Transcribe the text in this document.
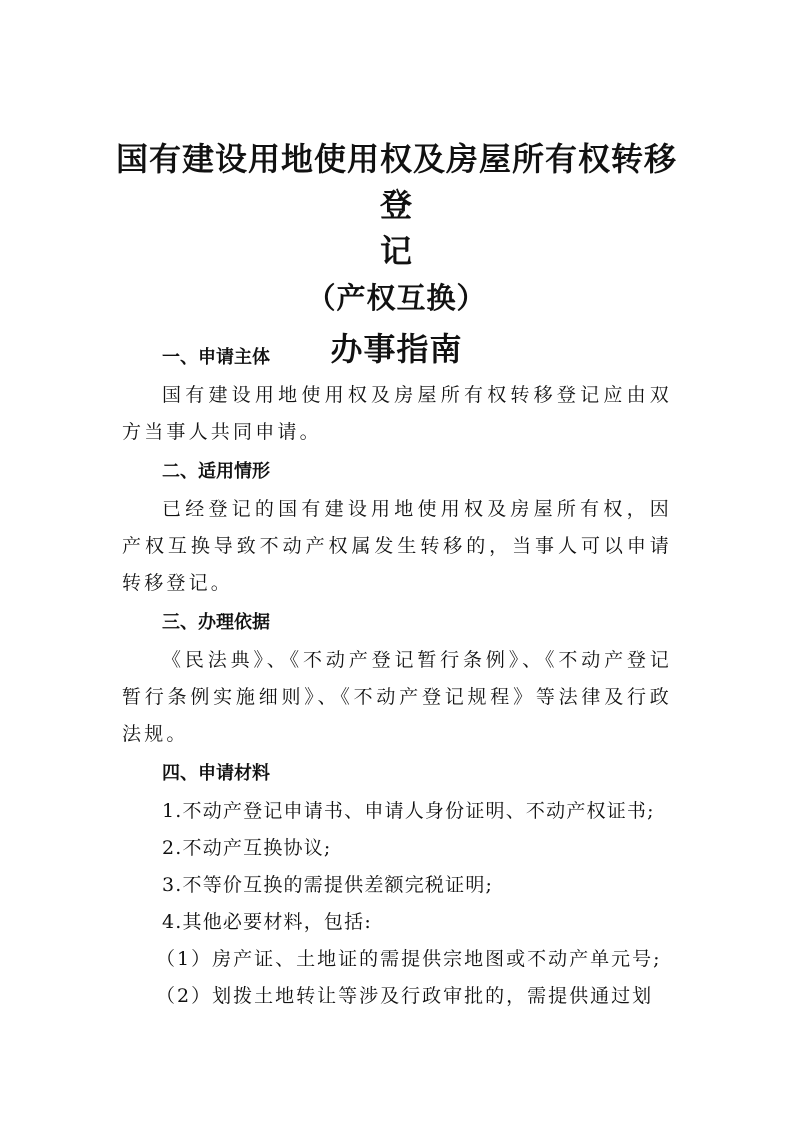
国有建设用地使用权及房屋所有权转移登

记

（产权互换）

办事指南

一、申请主体

国有建设用地使用权及房屋所有权转移登记应由双方当事人共同申请。

二、适用情形

已经登记的国有建设用地使用权及房屋所有权，因产权互换导致不动产权属发生转移的，当事人可以申请转移登记。

三、办理依据

《民法典》、《不动产登记暂行条例》、《不动产登记暂行条例实施细则》、《不动产登记规程》等法律及行政法规。

四、申请材料

1.不动产登记申请书、申请人身份证明、不动产权证书;

2.不动产互换协议;

3.不等价互换的需提供差额完税证明;

4.其他必要材料，包括:

（1）房产证、土地证的需提供宗地图或不动产单元号;

（2）划拨土地转让等涉及行政审批的，需提供通过划
